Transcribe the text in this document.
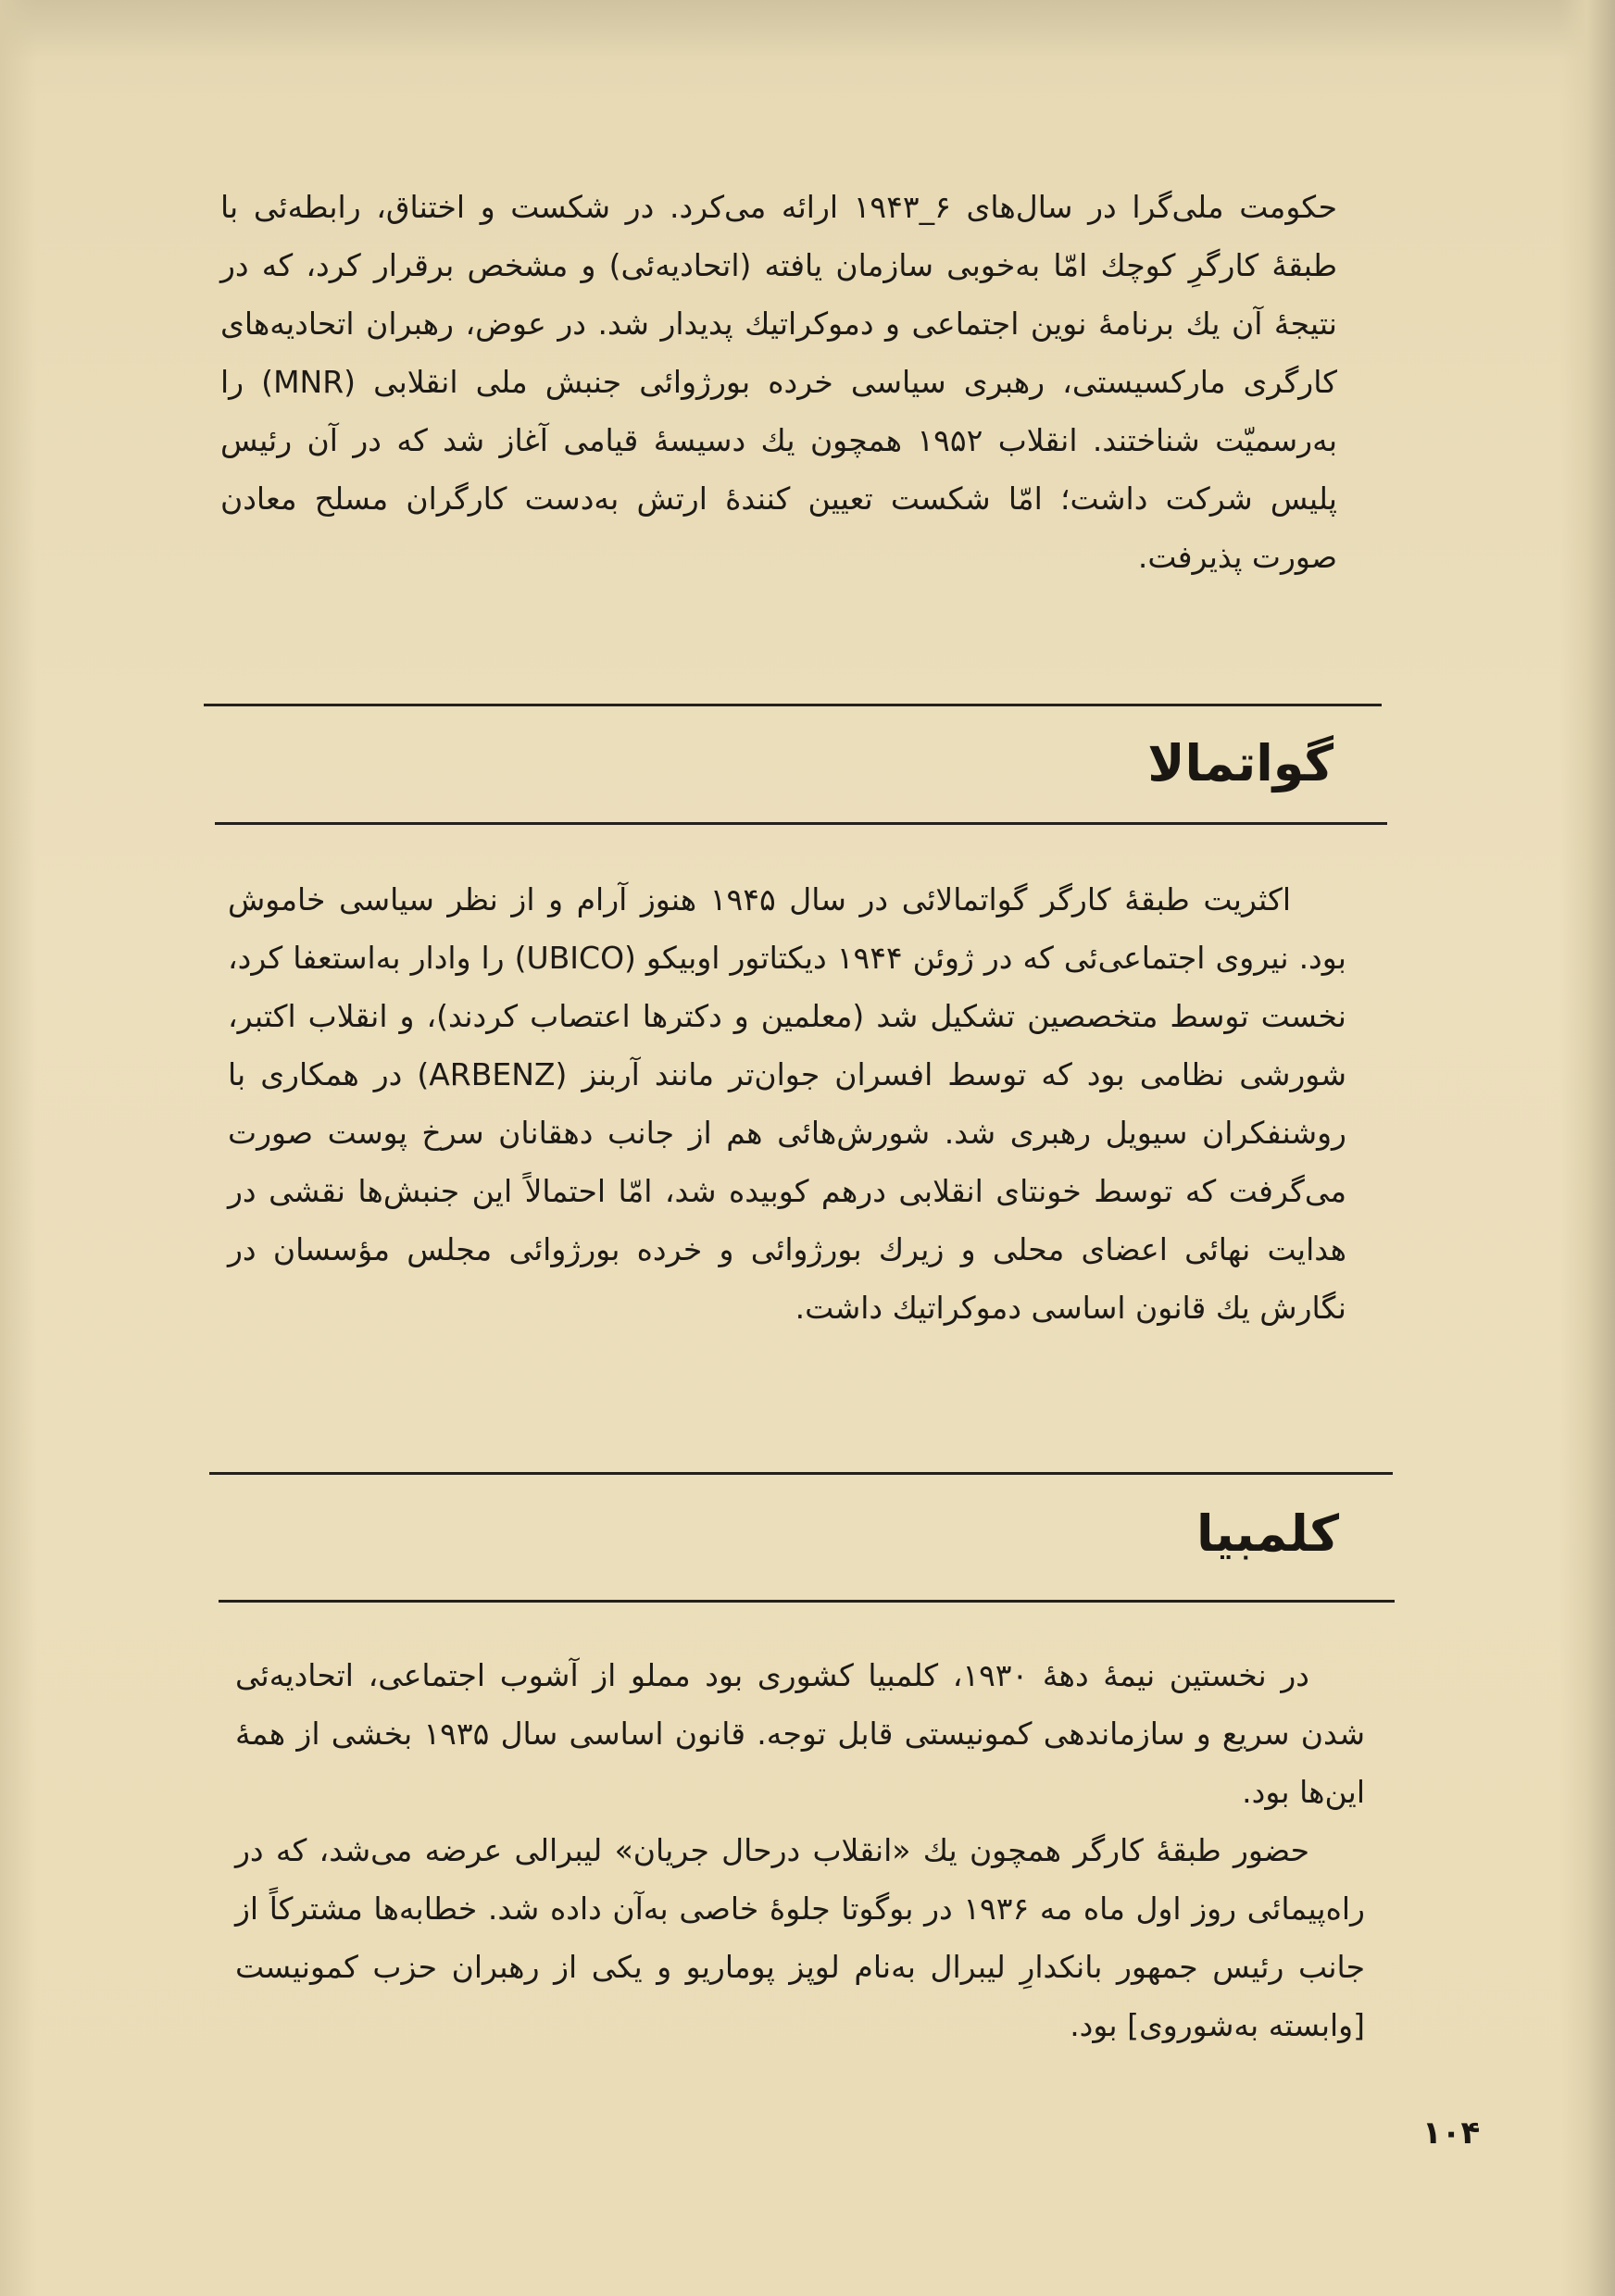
حکومت ملی‌گرا در سال‌های ۶_۱۹۴۳ ارائه می‌کرد. در شکست و اختناق، رابطه‌ئی با طبقهٔ کارگرِ کوچك امّا به‌خوبی سازمان یافته (اتحادیه‌ئی) و مشخص برقرار کرد، که در نتیجهٔ آن یك برنامهٔ نوین اجتماعی و دموکراتیك پدیدار شد. در عوض، رهبران اتحادیه‌های کارگری مارکسیستی، رهبری سیاسی خرده بورژوائی جنبش ملی انقلابی (MNR) را به‌رسمیّت شناختند. انقلاب ۱۹۵۲ همچون یك دسیسهٔ قیامی آغاز شد که در آن رئیس پلیس شرکت داشت؛ امّا شکست تعیین کنندهٔ ارتش به‌دست کارگران مسلح معادن صورت پذیرفت.

گواتمالا

اکثریت طبقهٔ کارگر گواتمالائی در سال ۱۹۴۵ هنوز آرام و از نظر سیاسی خاموش بود. نیروی اجتماعی‌ئی که در ژوئن ۱۹۴۴ دیکتاتور اوبیکو (UBICO) را وادار به‌استعفا کرد، نخست توسط متخصصین تشکیل شد (معلمین و دکترها اعتصاب کردند)، و انقلاب اکتبر، شورشی نظامی بود که توسط افسران جوان‌تر مانند آربنز (ARBENZ) در همکاری با روشنفکران سیویل رهبری شد. شورش‌هائی هم از جانب دهقانان سرخ پوست صورت می‌گرفت که توسط خونتای انقلابی درهم کوبیده شد، امّا احتمالاً این جنبش‌ها نقشی در هدایت نهائی اعضای محلی و زیرك بورژوائی و خرده بورژوائی مجلس مؤسسان در نگارش یك قانون اساسی دموکراتیك داشت.

کلمبیا

در نخستین نیمهٔ دههٔ ۱۹۳۰، کلمبیا کشوری بود مملو از آشوب اجتماعی، اتحادیه‌ئی شدن سریع و سازماندهی کمونیستی قابل توجه. قانون اساسی سال ۱۹۳۵ بخشی از همهٔ این‌ها بود.

حضور طبقهٔ کارگر همچون یك «انقلاب درحال جریان» لیبرالی عرضه می‌شد، که در راه‌پیمائی روز اول ماه مه ۱۹۳۶ در بوگوتا جلوهٔ خاصی به‌آن داده شد. خطابه‌ها مشترکاً از جانب رئیس جمهور بانکدارِ لیبرال به‌نام لوپز پوماریو و یکی از رهبران حزب کمونیست [وابسته به‌شوروی] بود.

۱۰۴
